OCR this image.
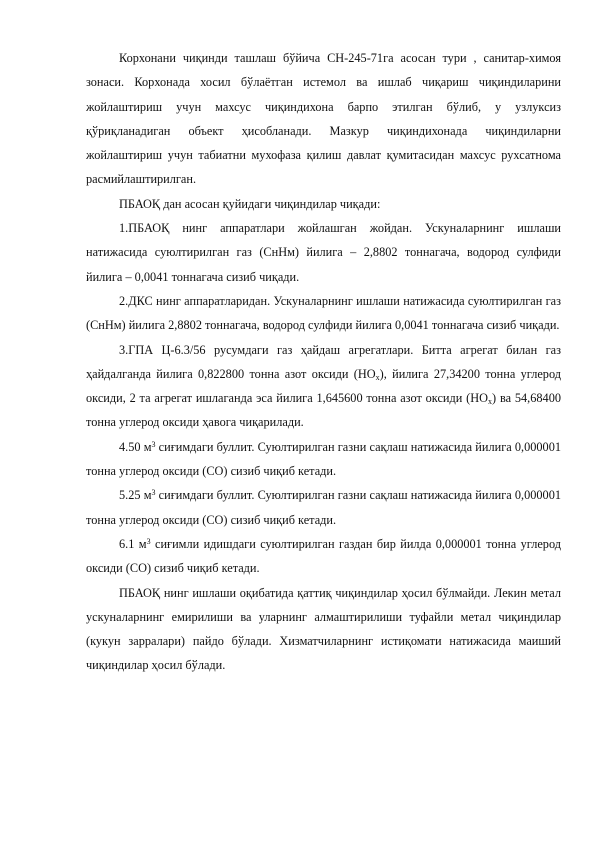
Корхонани чиқинди ташлаш бўйича СН-245-71га асосан тури , санитар-химоя зонаси. Корхонада хосил бўлаётган истемол ва ишлаб чиқариш чиқиндиларини жойлаштириш учун махсус чиқиндихона барпо этилган бўлиб, у узлуксиз қўриқланадиган объект ҳисобланади. Мазкур чиқиндихонада чиқиндиларни жойлаштириш учун табиатни мухофаза қилиш давлат қумитасидан махсус рухсатнома расмийлаштирилган.

ПБАОҚ дан асосан қуйидаги чиқиндилар чиқади:

1.ПБАОҚ нинг аппаратлари жойлашган жойдан. Ускуналарнинг ишлаши натижасида суюлтирилган газ (СнНм) йилига – 2,8802 тоннагача, водород сулфиди йилига – 0,0041 тоннагача сизиб чиқади.

2.ДКС нинг аппаратларидан. Ускуналарнинг ишлаши натижасида суюлтирилган газ (СнНм) йилига 2,8802 тоннагача, водород сулфиди йилига 0,0041 тоннагача сизиб чиқади.

3.ГПА Ц-6.3/56 русумдаги газ ҳайдаш агрегатлари. Битта агрегат билан газ ҳайдалганда йилига 0,822800 тонна азот оксиди $(НО_х)$, йилига 27,34200 тонна углерод оксиди, 2 та агрегат ишлаганда эса йилига 1,645600 тонна азот оксиди $(НО_х)$ ва 54,68400 тонна углерод оксиди ҳавога чиқарилади.

4.50 $м^3$ сиғимдаги буллит. Суюлтирилган газни сақлаш натижасида йилига 0,000001 тонна углерод оксиди (СО) сизиб чиқиб кетади.

5.25 $м^3$ сиғимдаги буллит. Суюлтирилган газни сақлаш натижасида йилига 0,000001 тонна углерод оксиди (СО) сизиб чиқиб кетади.

6.1 $м^3$ сиғимли идишдаги суюлтирилган газдан бир йилда 0,000001 тонна углерод оксиди (СО) сизиб чиқиб кетади.

ПБАОҚ нинг ишлаши оқибатида қаттиқ чиқиндилар ҳосил бўлмайди. Лекин метал ускуналарнинг емирилиши ва уларнинг алмаштирилиши туфайли метал чиқиндилар (кукун зарралари) пайдо бўлади. Хизматчиларнинг истиқомати натижасида маиший чиқиндилар ҳосил бўлади.
